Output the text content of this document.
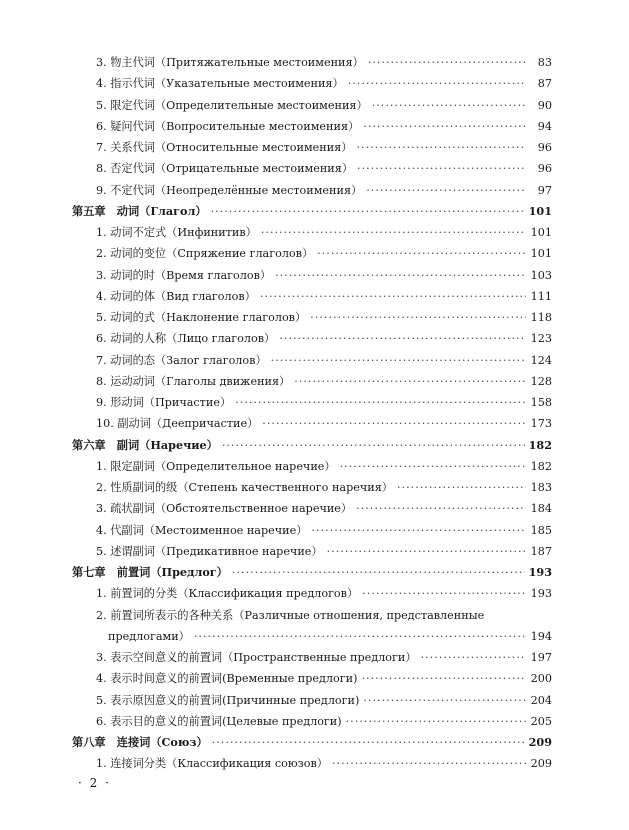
3. 物主代词（Притяжательные местоимения） ·····	83
4. 指示代词（Указательные местоимения） ·····	87
5. 限定代词（Определительные местоимения） ·····	90
6. 疑问代词（Вопросительные местоимения） ·····	94
7. 关系代词（Относительные местоимения） ·····	96
8. 否定代词（Отрицательные местоимения） ·····	96
9. 不定代词（Неопределённые местоимения） ·····	97
第五章　动词（Глагол） ·····	101
1. 动词不定式（Инфинитив） ·····	101
2. 动词的变位（Спряжение глаголов） ·····	101
3. 动词的时（Время глаголов） ·····	103
4. 动词的体（Вид глаголов） ·····	111
5. 动词的式（Наклонение глаголов） ·····	118
6. 动词的人称（Лицо глаголов） ·····	123
7. 动词的态（Залог глаголов） ·····	124
8. 运动动词（Глаголы движения） ·····	128
9. 形动词（Причастие） ·····	158
10. 副动词（Деепричастие） ·····	173
第六章　副词（Наречие） ·····	182
1. 限定副词（Определительное наречие） ·····	182
2. 性质副词的级（Степень качественного наречия） ·····	183
3. 疏状副词（Обстоятельственное наречие） ·····	184
4. 代副词（Местоименное наречие） ·····	185
5. 述谓副词（Предикативное наречие） ·····	187
第七章　前置词（Предлог） ·····	193
1. 前置词的分类（Классификация предлогов） ·····	193
2. 前置词所表示的各种关系（Различные отношения, представленные
предлогами） ·····	194
3. 表示空间意义的前置词（Пространственные предлоги） ·····	197
4. 表示时间意义的前置词(Временные предлоги) ·····	200
5. 表示原因意义的前置词(Причинные предлоги) ·····	204
6. 表示目的意义的前置词(Целевые предлоги) ·····	205
第八章　连接词（Союз） ·····	209
1. 连接词分类（Классификация союзов） ·····	209
· 2 ·
